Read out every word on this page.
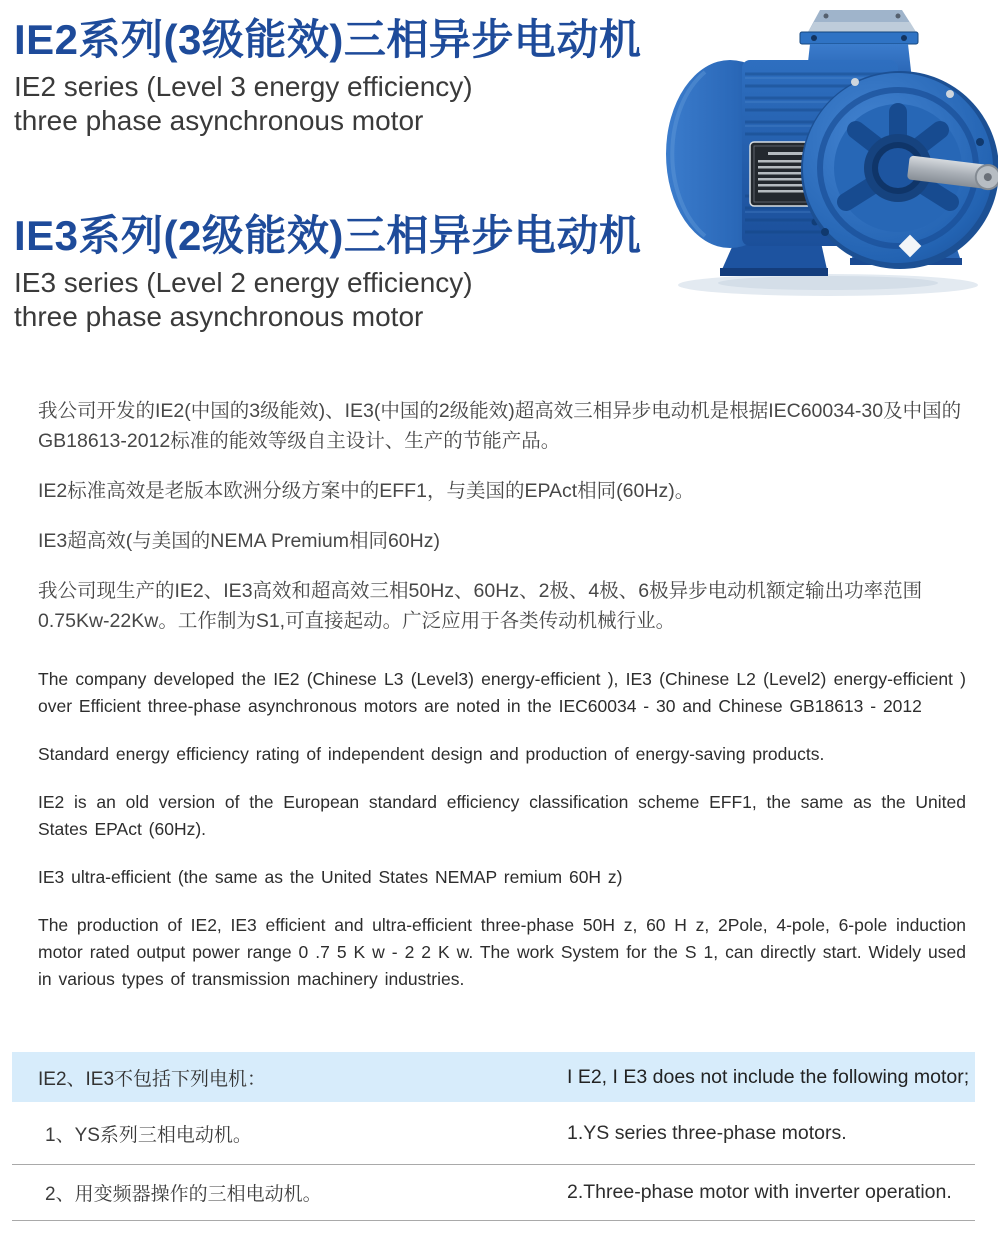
IE2系列(3级能效)三相异步电动机
IE2 series (Level 3 energy efficiency)
three phase asynchronous motor
IE3系列(2级能效)三相异步电动机
IE3 series (Level 2 energy efficiency)
three phase asynchronous motor

我公司开发的IE2(中国的3级能效)、IE3(中国的2级能效)超高效三相异步电动机是根据IEC60034-30及中国的GB18613-2012标准的能效等级自主设计、生产的节能产品。

IE2标准高效是老版本欧洲分级方案中的EFF1，与美国的EPAct相同(60Hz)。

IE3超高效(与美国的NEMA Premium相同60Hz)

我公司现生产的IE2、IE3高效和超高效三相50Hz、60Hz、2极、4极、6极异步电动机额定输出功率范围0.75Kw-22Kw。工作制为S1,可直接起动。广泛应用于各类传动机械行业。

The company developed the IE2 (Chinese L3 (Level3) energy-efficient ), IE3 (Chinese L2 (Level2) energy-efficient ) over Efficient three-phase asynchronous motors are noted in the IEC60034 - 30 and Chinese GB18613 - 2012

Standard energy efficiency rating of independent design and production of energy-saving products.

IE2 is an old version of the European standard efficiency classification scheme EFF1, the same as the United States EPAct (60Hz).

IE3 ultra-efficient (the same as the United States NEMAP remium 60H z)

The production of IE2, IE3 efficient and ultra-efficient three-phase 50H z, 60 H z, 2Pole, 4-pole, 6-pole induction motor rated output power range 0 .7 5 K w - 2 2 K w. The work System for the S 1, can directly start. Widely used in various types of transmission machinery industries.

IE2、IE3不包括下列电机：	I E2, I E3 does not include the following motor;
1、YS系列三相电动机。	1.YS series three-phase motors.
2、用变频器操作的三相电动机。	2.Three-phase motor with inverter operation.
